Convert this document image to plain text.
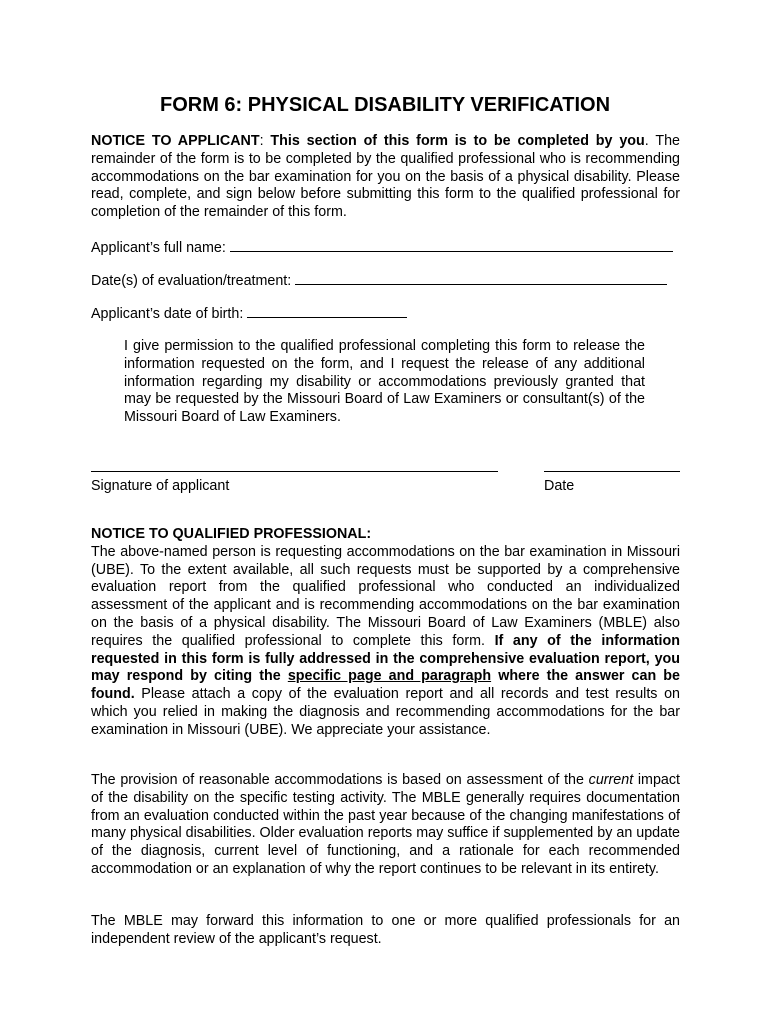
FORM 6: PHYSICAL DISABILITY VERIFICATION
NOTICE TO APPLICANT: This section of this form is to be completed by you. The remainder of the form is to be completed by the qualified professional who is recommending accommodations on the bar examination for you on the basis of a physical disability. Please read, complete, and sign below before submitting this form to the qualified professional for completion of the remainder of this form.
Applicant’s full name:
Date(s) of evaluation/treatment:
Applicant’s date of birth:
I give permission to the qualified professional completing this form to release the information requested on the form, and I request the release of any additional information regarding my disability or accommodations previously granted that may be requested by the Missouri Board of Law Examiners or consultant(s) of the Missouri Board of Law Examiners.
Signature of applicant	Date
NOTICE TO QUALIFIED PROFESSIONAL:
The above-named person is requesting accommodations on the bar examination in Missouri (UBE). To the extent available, all such requests must be supported by a comprehensive evaluation report from the qualified professional who conducted an individualized assessment of the applicant and is recommending accommodations on the bar examination on the basis of a physical disability. The Missouri Board of Law Examiners (MBLE) also requires the qualified professional to complete this form. If any of the information requested in this form is fully addressed in the comprehensive evaluation report, you may respond by citing the specific page and paragraph where the answer can be found. Please attach a copy of the evaluation report and all records and test results on which you relied in making the diagnosis and recommending accommodations for the bar examination in Missouri (UBE). We appreciate your assistance.
The provision of reasonable accommodations is based on assessment of the current impact of the disability on the specific testing activity. The MBLE generally requires documentation from an evaluation conducted within the past year because of the changing manifestations of many physical disabilities. Older evaluation reports may suffice if supplemented by an update of the diagnosis, current level of functioning, and a rationale for each recommended accommodation or an explanation of why the report continues to be relevant in its entirety.
The MBLE may forward this information to one or more qualified professionals for an independent review of the applicant’s request.
